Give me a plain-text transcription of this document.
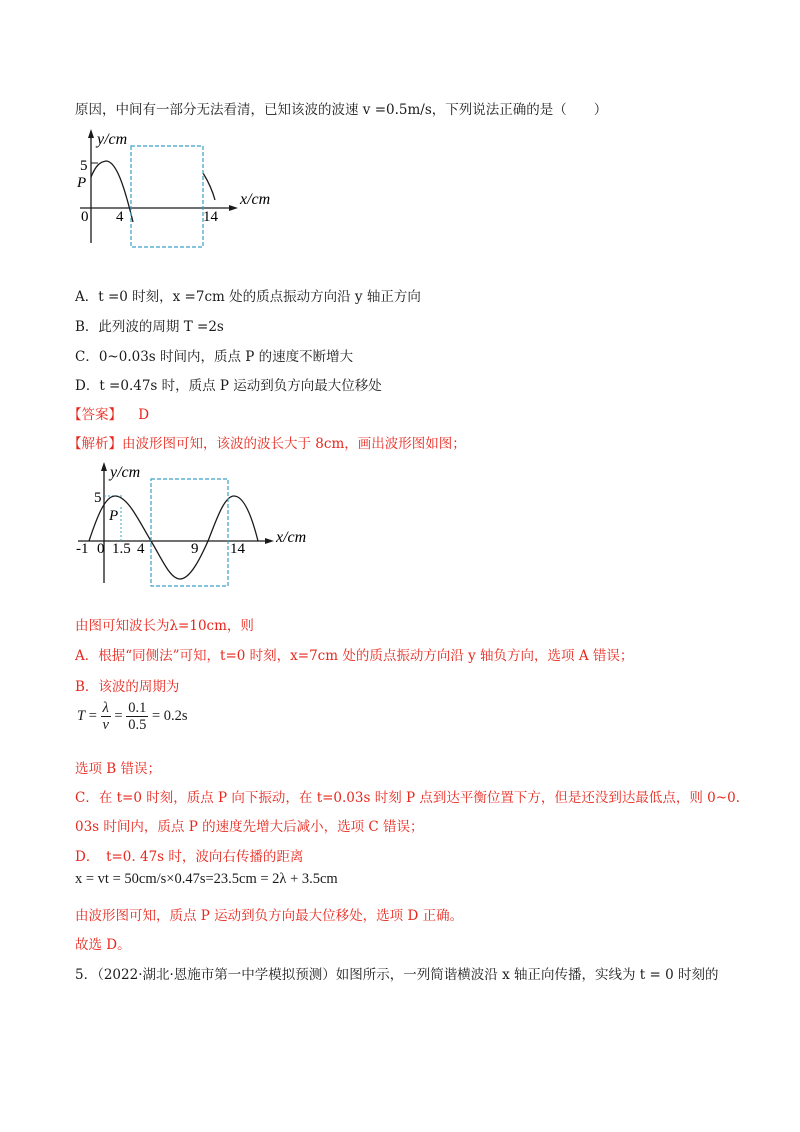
原因，中间有一部分无法看清，已知该波的波速 v =0.5m/s，下列说法正确的是（　　）
y/cm
x/cm
5
P
0 4	14
A．t =0 时刻，x =7cm 处的质点振动方向沿 y 轴正方向
B．此列波的周期 T =2s
C．0~0.03s 时间内，质点 P 的速度不断增大
D．t =0.47s 时，质点 P 运动到负方向最大位移处
【答案】 D
【解析】由波形图可知，该波的波长大于 8cm，画出波形图如图；
y/cm
x/cm
5
P
-1 0 1.5 4	9 14
由图可知波长为λ=10cm，则
A．根据“同侧法”可知，t=0 时刻，x=7cm 处的质点振动方向沿 y 轴负方向，选项 A 错误；
B．该波的周期为
$T = \frac{\lambda}{v} = \frac{0.1}{0.5} = 0.2s$
选项 B 错误；
C．在 t=0 时刻，质点 P 向下振动，在 t=0.03s 时刻 P 点到达平衡位置下方，但是还没到达最低点，则 0~0.
03s 时间内，质点 P 的速度先增大后减小，选项 C 错误；
D．　t=0. 47s 时，波向右传播的距离
x = vt = 50cm/s×0.47s=23.5cm = 2λ + 3.5cm
由波形图可知，质点 P 运动到负方向最大位移处，选项 D 正确。
故选 D。
5．（2022·湖北·恩施市第一中学模拟预测）如图所示，一列简谐横波沿 x 轴正向传播，实线为 t = 0 时刻的
